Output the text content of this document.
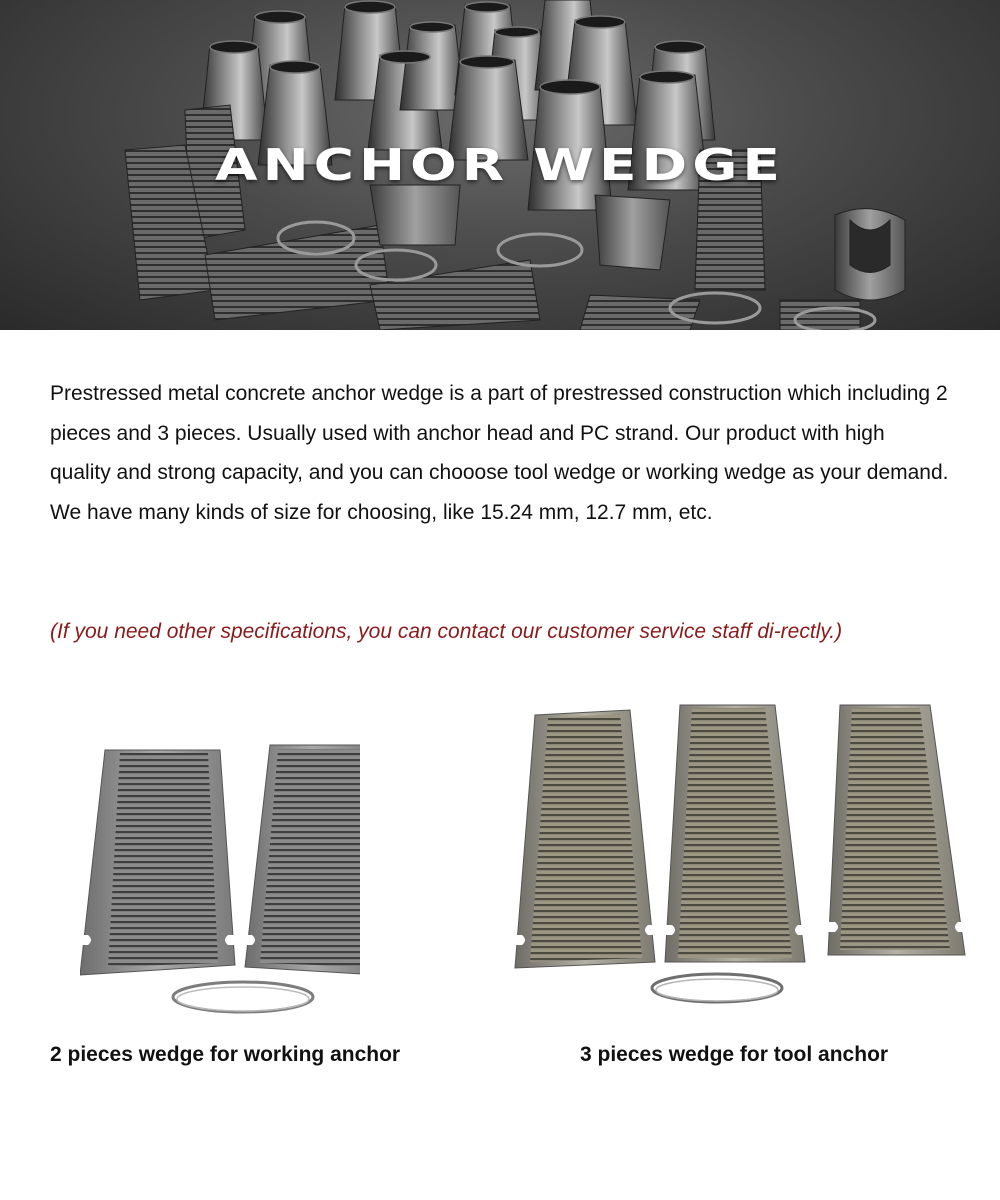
ANCHOR WEDGE

Prestressed metal concrete anchor wedge is a part of prestressed construction which including 2 pieces and 3 pieces. Usually used with anchor head and PC strand. Our product with high quality and strong capacity, and you can chooose tool wedge or working wedge as your demand. We have many kinds of size for choosing, like 15.24 mm, 12.7 mm, etc.

(If you need other specifications, you can contact our customer service staff di-rectly.)

2 pieces wedge for working anchor	3 pieces wedge for tool anchor
